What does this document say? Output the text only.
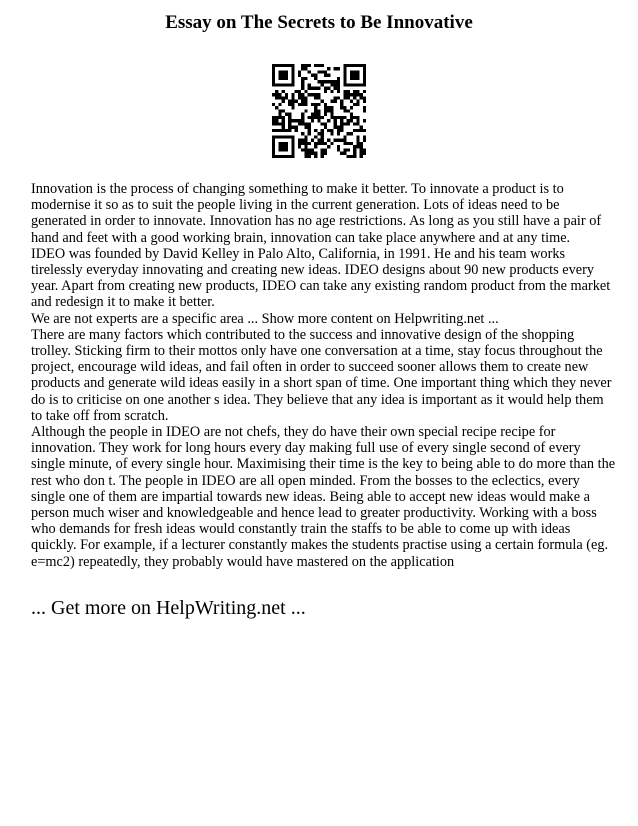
Essay on The Secrets to Be Innovative

Innovation is the process of changing something to make it better. To innovate a product is to modernise it so as to suit the people living in the current generation. Lots of ideas need to be generated in order to innovate. Innovation has no age restrictions. As long as you still have a pair of hand and feet with a good working brain, innovation can take place anywhere and at any time.

IDEO was founded by David Kelley in Palo Alto, California, in 1991. He and his team works tirelessly everyday innovating and creating new ideas. IDEO designs about 90 new products every year. Apart from creating new products, IDEO can take any existing random product from the market and redesign it to make it better.

We are not experts are a specific area ... Show more content on Helpwriting.net ...

There are many factors which contributed to the success and innovative design of the shopping trolley. Sticking firm to their mottos only have one conversation at a time, stay focus throughout the project, encourage wild ideas, and fail often in order to succeed sooner allows them to create new products and generate wild ideas easily in a short span of time. One important thing which they never do is to criticise on one another s idea. They believe that any idea is important as it would help them to take off from scratch.

Although the people in IDEO are not chefs, they do have their own special recipe recipe for innovation. They work for long hours every day making full use of every single second of every single minute, of every single hour. Maximising their time is the key to being able to do more than the rest who don t. The people in IDEO are all open minded. From the bosses to the eclectics, every single one of them are impartial towards new ideas. Being able to accept new ideas would make a person much wiser and knowledgeable and hence lead to greater productivity. Working with a boss who demands for fresh ideas would constantly train the staffs to be able to come up with ideas quickly. For example, if a lecturer constantly makes the students practise using a certain formula (eg. e=mc2) repeatedly, they probably would have mastered on the application

... Get more on HelpWriting.net ...
